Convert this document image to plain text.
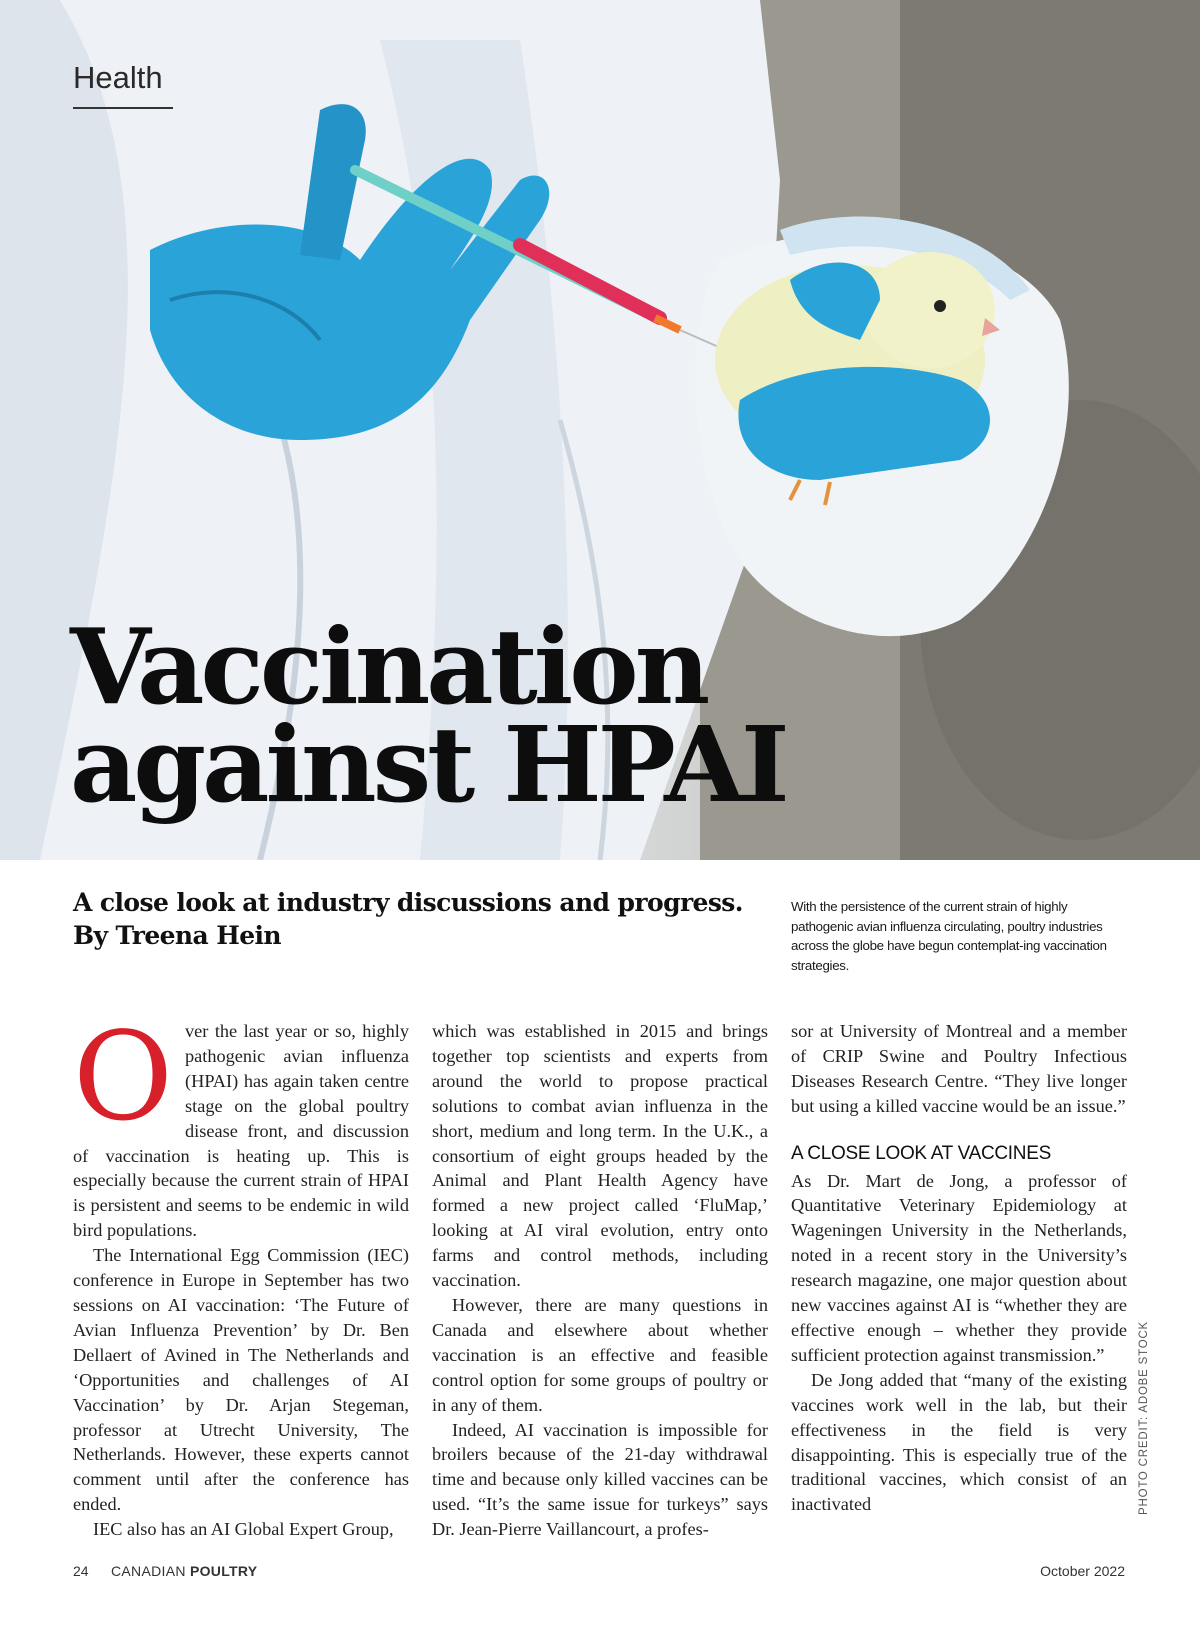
Health
Vaccination
against HPAI
A close look at industry discussions and progress.
By Treena Hein
With the persistence of the current strain of highly pathogenic avian influenza circulating, poultry industries across the globe have begun contemplat-ing vaccination strategies.

Over the last year or so, highly pathogenic avian influenza (HPAI) has again taken centre stage on the global poultry disease front, and discussion of vaccination is heating up. This is especially because the current strain of HPAI is persistent and seems to be endemic in wild bird populations.

The International Egg Commission (IEC) conference in Europe in September has two sessions on AI vaccination: ‘The Future of Avian Influenza Prevention’ by Dr. Ben Dellaert of Avined in The Netherlands and ‘Opportunities and challenges of AI Vaccination’ by Dr. Arjan Stegeman, professor at Utrecht University, The Netherlands. However, these experts cannot comment until after the conference has ended.

IEC also has an AI Global Expert Group,

which was established in 2015 and brings together top scientists and experts from around the world to propose practical solutions to combat avian influenza in the short, medium and long term. In the U.K., a consortium of eight groups headed by the Animal and Plant Health Agency have formed a new project called ‘FluMap,’ looking at AI viral evolution, entry onto farms and control methods, including vaccination.

However, there are many questions in Canada and elsewhere about whether vaccination is an effective and feasible control option for some groups of poultry or in any of them.

Indeed, AI vaccination is impossible for broilers because of the 21-day withdrawal time and because only killed vaccines can be used. “It’s the same issue for turkeys” says Dr. Jean-Pierre Vaillancourt, a profes-

sor at University of Montreal and a member of CRIP Swine and Poultry Infectious Diseases Research Centre. “They live longer but using a killed vaccine would be an issue.”

A CLOSE LOOK AT VACCINES

As Dr. Mart de Jong, a professor of Quantitative Veterinary Epidemiology at Wageningen University in the Netherlands, noted in a recent story in the University’s research magazine, one major question about new vaccines against AI is “whether they are effective enough – whether they provide sufficient protection against transmission.”

De Jong added that “many of the existing vaccines work well in the lab, but their effectiveness in the field is very disappointing. This is especially true of the traditional vaccines, which consist of an inactivated	PHOTO CREDIT: ADOBE STOCK
24 CANADIAN POULTRY	October 2022
